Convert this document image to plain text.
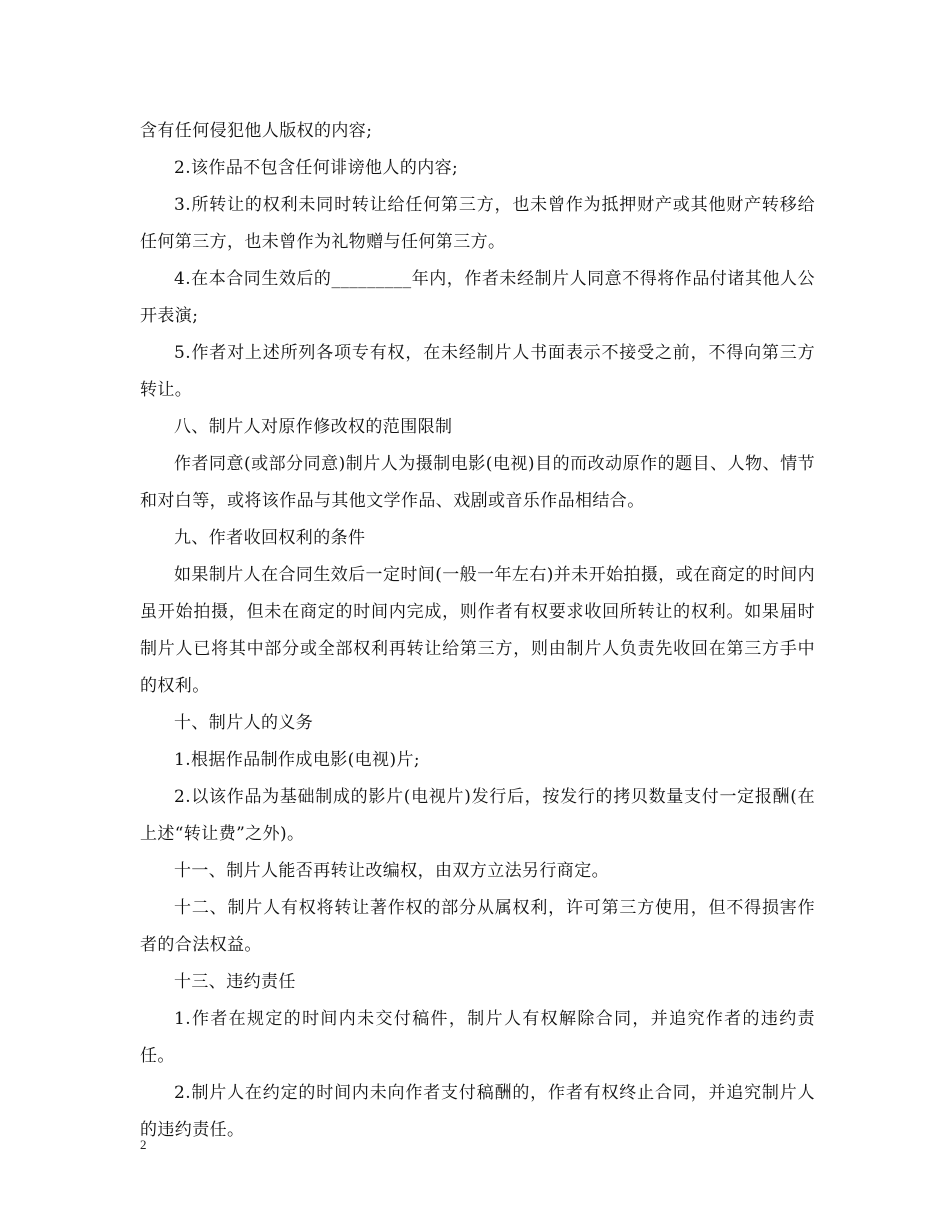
含有任何侵犯他人版权的内容;

2.该作品不包含任何诽谤他人的内容;

3.所转让的权利未同时转让给任何第三方，也未曾作为抵押财产或其他财产转移给任何第三方，也未曾作为礼物赠与任何第三方。

4.在本合同生效后的_________年内，作者未经制片人同意不得将作品付诸其他人公开表演;

5.作者对上述所列各项专有权，在未经制片人书面表示不接受之前，不得向第三方转让。

八、制片人对原作修改权的范围限制

作者同意(或部分同意)制片人为摄制电影(电视)目的而改动原作的题目、人物、情节和对白等，或将该作品与其他文学作品、戏剧或音乐作品相结合。

九、作者收回权利的条件

如果制片人在合同生效后一定时间(一般一年左右)并未开始拍摄，或在商定的时间内虽开始拍摄，但未在商定的时间内完成，则作者有权要求收回所转让的权利。如果届时制片人已将其中部分或全部权利再转让给第三方，则由制片人负责先收回在第三方手中的权利。

十、制片人的义务

1.根据作品制作成电影(电视)片;

2.以该作品为基础制成的影片(电视片)发行后，按发行的拷贝数量支付一定报酬(在上述“转让费”之外)。

十一、制片人能否再转让改编权，由双方立法另行商定。

十二、制片人有权将转让著作权的部分从属权利，许可第三方使用，但不得损害作者的合法权益。

十三、违约责任

1.作者在规定的时间内未交付稿件，制片人有权解除合同，并追究作者的违约责任。

2.制片人在约定的时间内未向作者支付稿酬的，作者有权终止合同，并追究制片人的违约责任。

2
